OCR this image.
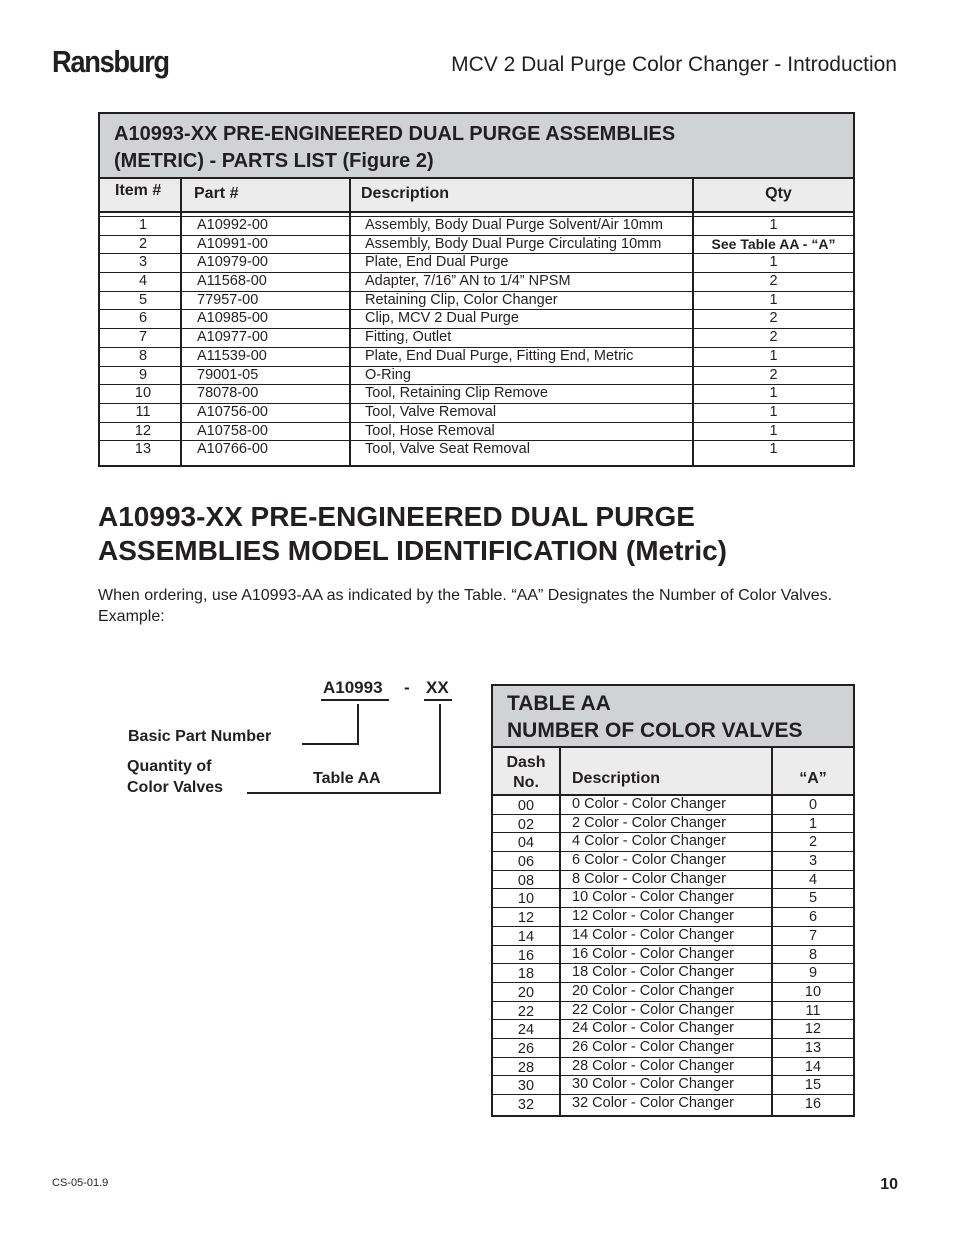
Ransburg	MCV 2 Dual Purge Color Changer - Introduction
A10993-XX PRE-ENGINEERED DUAL PURGE ASSEMBLIES
(METRIC) - PARTS LIST (Figure 2)
Item #	Part #	Description	Qty
1	A10992-00	Assembly, Body Dual Purge Solvent/Air 10mm	1
2	A10991-00	Assembly, Body Dual Purge Circulating 10mm	See Table AA - “A”
3	A10979-00	Plate, End Dual Purge	1
4	A11568-00	Adapter, 7/16” AN to 1/4” NPSM	2
5	77957-00	Retaining Clip, Color Changer	1
6	A10985-00	Clip, MCV 2 Dual Purge	2
7	A10977-00	Fitting, Outlet	2
8	A11539-00	Plate, End Dual Purge, Fitting End, Metric	1
9	79001-05	O-Ring	2
10	78078-00	Tool, Retaining Clip Remove	1
11	A10756-00	Tool, Valve Removal	1
12	A10758-00	Tool, Hose Removal	1
13	A10766-00	Tool, Valve Seat Removal	1
A10993-XX PRE-ENGINEERED DUAL PURGE
ASSEMBLIES MODEL IDENTIFICATION (Metric)
When ordering, use A10993-AA as indicated by the Table. “AA” Designates the Number of Color Valves. Example:
A10993 - XX
Basic Part Number
Quantity of
Color Valves
Table AA
TABLE AA
NUMBER OF COLOR VALVES
Dash
No.	Description	“A”
00	0 Color - Color Changer	0
02	2 Color - Color Changer	1
04	4 Color - Color Changer	2
06	6 Color - Color Changer	3
08	8 Color - Color Changer	4
10	10 Color - Color Changer	5
12	12 Color - Color Changer	6
14	14 Color - Color Changer	7
16	16 Color - Color Changer	8
18	18 Color - Color Changer	9
20	20 Color - Color Changer	10
22	22 Color - Color Changer	11
24	24 Color - Color Changer	12
26	26 Color - Color Changer	13
28	28 Color - Color Changer	14
30	30 Color - Color Changer	15
32	32 Color - Color Changer	16
CS-05-01.9	10
